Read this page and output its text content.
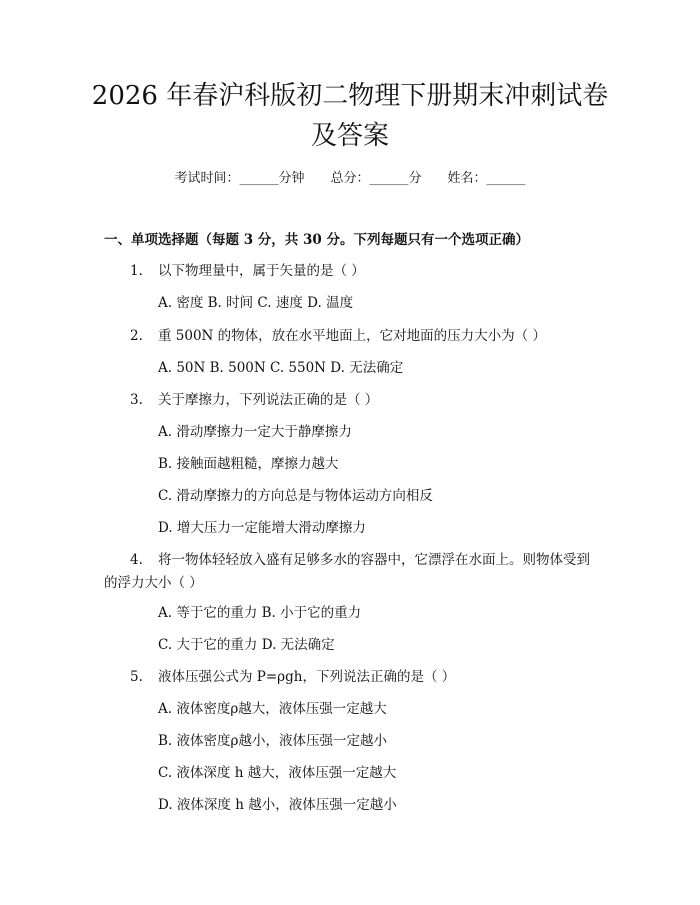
2026 年春沪科版初二物理下册期末冲刺试卷
及答案
考试时间：______分钟 总分：______分 姓名：______
一、单项选择题（每题 3 分，共 30 分。下列每题只有一个选项正确）
1. 以下物理量中，属于矢量的是（ ）
A. 密度 B. 时间 C. 速度 D. 温度
2. 重 500N 的物体，放在水平地面上，它对地面的压力大小为（ ）
A. 50N B. 500N C. 550N D. 无法确定
3. 关于摩擦力，下列说法正确的是（ ）
A. 滑动摩擦力一定大于静摩擦力
B. 接触面越粗糙，摩擦力越大
C. 滑动摩擦力的方向总是与物体运动方向相反
D. 增大压力一定能增大滑动摩擦力
4. 将一物体轻轻放入盛有足够多水的容器中，它漂浮在水面上。则物体受到
的浮力大小（ ）
A. 等于它的重力 B. 小于它的重力
C. 大于它的重力 D. 无法确定
5. 液体压强公式为 P=ρgh，下列说法正确的是（ ）
A. 液体密度ρ越大，液体压强一定越大
B. 液体密度ρ越小，液体压强一定越小
C. 液体深度 h 越大，液体压强一定越大
D. 液体深度 h 越小，液体压强一定越小
